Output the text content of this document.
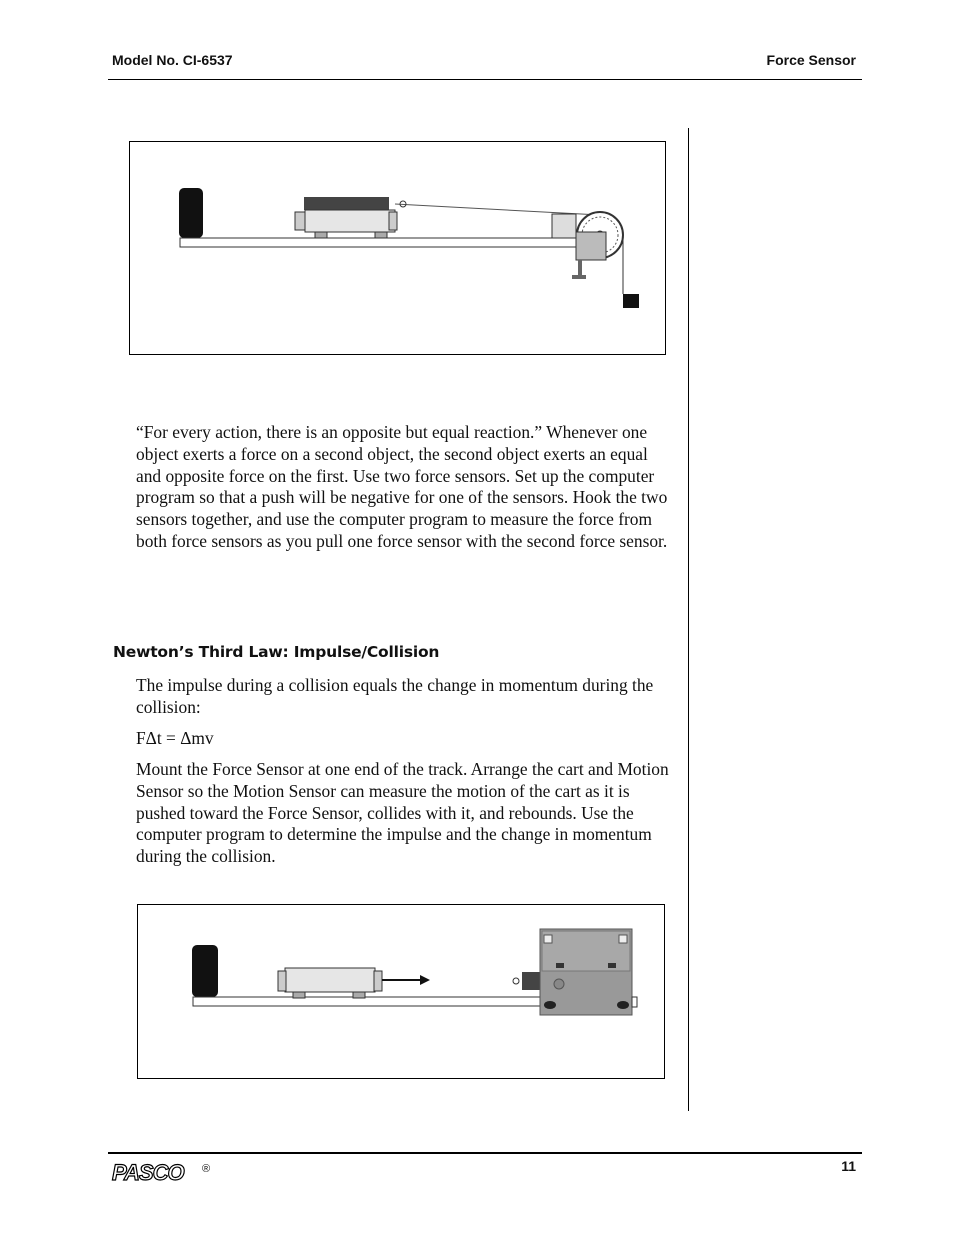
Model No. CI-6537	Force Sensor
“For every action, there is an opposite but equal reaction.” Whenever one object exerts a force on a second object, the second object exerts an equal and opposite force on the first. Use two force sensors. Set up the computer program so that a push will be negative for one of the sensors. Hook the two sensors together, and use the computer program to measure the force from both force sensors as you pull one force sensor with the second force sensor.
Newton’s Third Law: Impulse/Collision
The impulse during a collision equals the change in momentum during the collision:
FΔt = Δmv
Mount the Force Sensor at one end of the track. Arrange the cart and Motion Sensor so the Motion Sensor can measure the motion of the cart as it is pushed toward the Force Sensor, collides with it, and rebounds. Use the computer program to determine the impulse and the change in momentum during the collision.
PASCO ®	11
